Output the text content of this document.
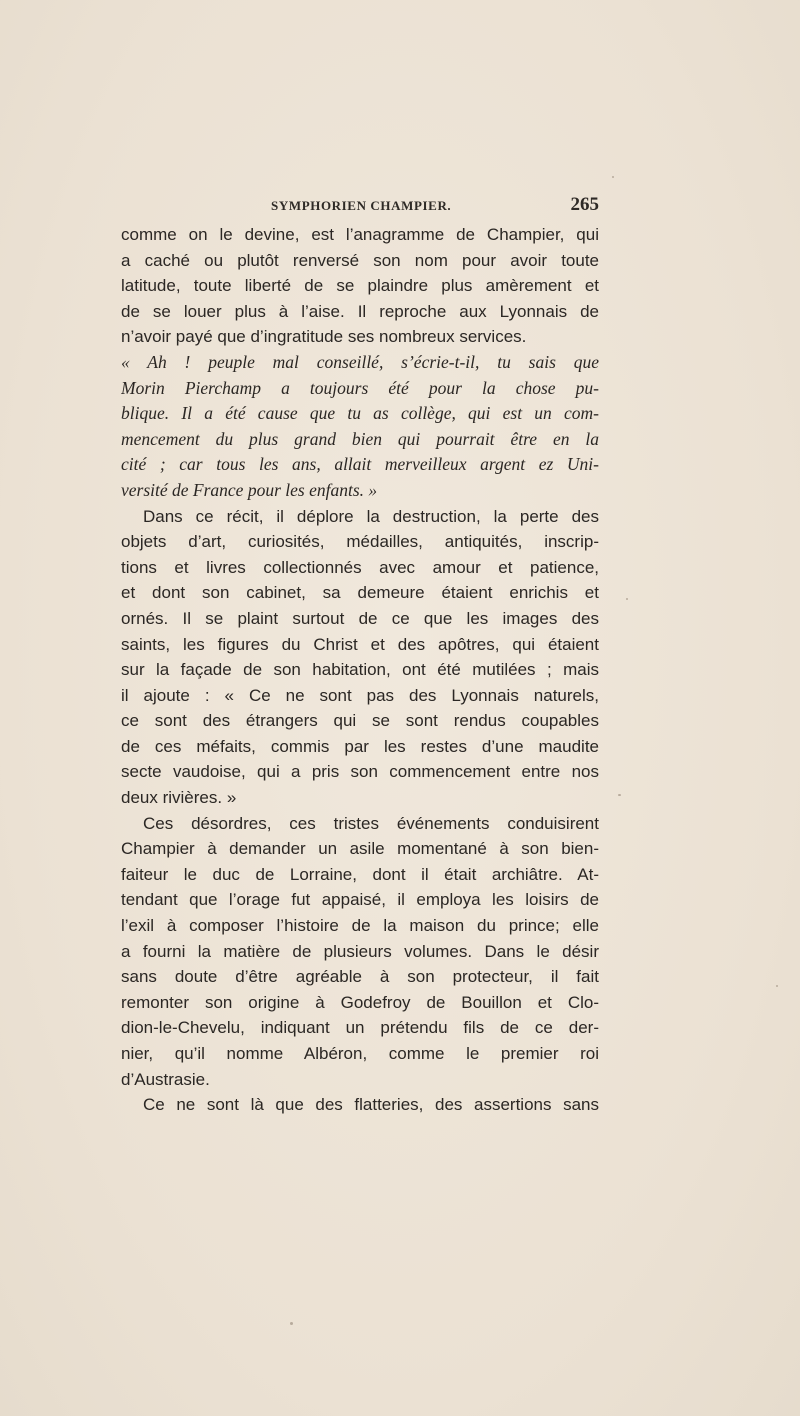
SYMPHORIEN CHAMPIER.	265
comme on le devine, est l’anagramme de Champier, qui
a caché ou plutôt renversé son nom pour avoir toute
latitude, toute liberté de se plaindre plus amèrement et
de se louer plus à l’aise. Il reproche aux Lyonnais de
n’avoir payé que d’ingratitude ses nombreux services.
« Ah ! peuple mal conseillé, s’écrie-t-il, tu sais que
Morin Pierchamp a toujours été pour la chose pu-
blique. Il a été cause que tu as collège, qui est un com-
mencement du plus grand bien qui pourrait être en la
cité ; car tous les ans, allait merveilleux argent ez Uni-
versité de France pour les enfants. »
Dans ce récit, il déplore la destruction, la perte des
objets d’art, curiosités, médailles, antiquités, inscrip-
tions et livres collectionnés avec amour et patience,
et dont son cabinet, sa demeure étaient enrichis et
ornés. Il se plaint surtout de ce que les images des
saints, les figures du Christ et des apôtres, qui étaient
sur la façade de son habitation, ont été mutilées ; mais
il ajoute : « Ce ne sont pas des Lyonnais naturels,
ce sont des étrangers qui se sont rendus coupables
de ces méfaits, commis par les restes d’une maudite
secte vaudoise, qui a pris son commencement entre nos
deux rivières. »
Ces désordres, ces tristes événements conduisirent
Champier à demander un asile momentané à son bien-
faiteur le duc de Lorraine, dont il était archiâtre. At-
tendant que l’orage fut appaisé, il employa les loisirs de
l’exil à composer l’histoire de la maison du prince; elle
a fourni la matière de plusieurs volumes. Dans le désir
sans doute d’être agréable à son protecteur, il fait
remonter son origine à Godefroy de Bouillon et Clo-
dion-le-Chevelu, indiquant un prétendu fils de ce der-
nier, qu’il nomme Albéron, comme le premier roi
d’Austrasie.
Ce ne sont là que des flatteries, des assertions sans
